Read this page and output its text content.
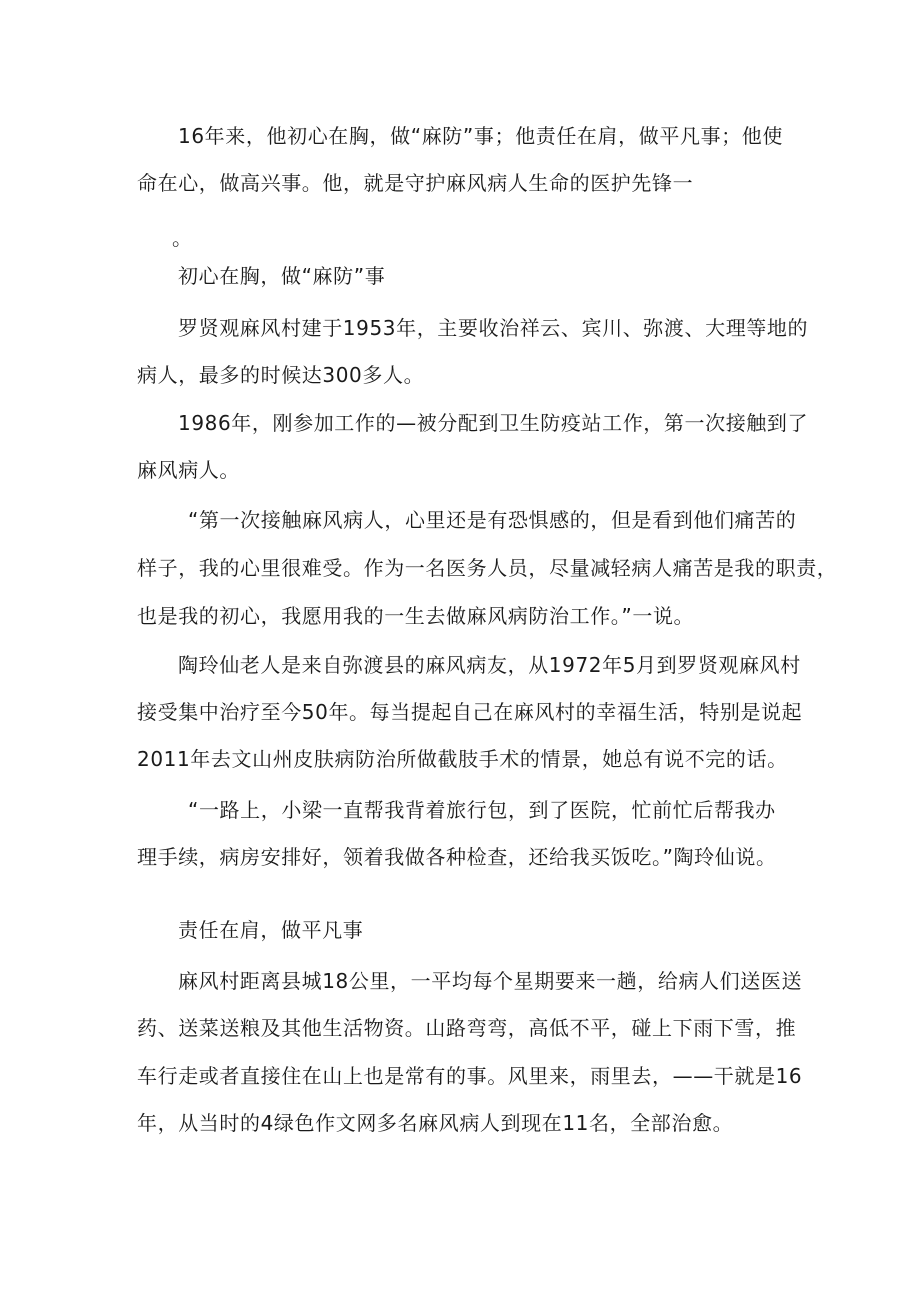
16年来，他初心在胸，做“麻防”事；他责任在肩，做平凡事；他使
命在心，做高兴事。他，就是守护麻风病人生命的医护先锋一
。
初心在胸，做“麻防”事
罗贤观麻风村建于1953年，主要收治祥云、宾川、弥渡、大理等地的
病人，最多的时候达300多人。
1986年，刚参加工作的—被分配到卫生防疫站工作，第一次接触到了
麻风病人。
“第一次接触麻风病人，心里还是有恐惧感的，但是看到他们痛苦的
样子，我的心里很难受。作为一名医务人员，尽量减轻病人痛苦是我的职责，
也是我的初心，我愿用我的一生去做麻风病防治工作。”一说。
陶玲仙老人是来自弥渡县的麻风病友，从1972年5月到罗贤观麻风村
接受集中治疗至今50年。每当提起自己在麻风村的幸福生活，特别是说起
2011年去文山州皮肤病防治所做截肢手术的情景，她总有说不完的话。
“一路上，小梁一直帮我背着旅行包，到了医院，忙前忙后帮我办
理手续，病房安排好，领着我做各种检查，还给我买饭吃。”陶玲仙说。
责任在肩，做平凡事
麻风村距离县城18公里，一平均每个星期要来一趟，给病人们送医送
药、送菜送粮及其他生活物资。山路弯弯，高低不平，碰上下雨下雪，推
车行走或者直接住在山上也是常有的事。风里来，雨里去，——干就是16
年，从当时的4绿色作文网多名麻风病人到现在11名，全部治愈。
